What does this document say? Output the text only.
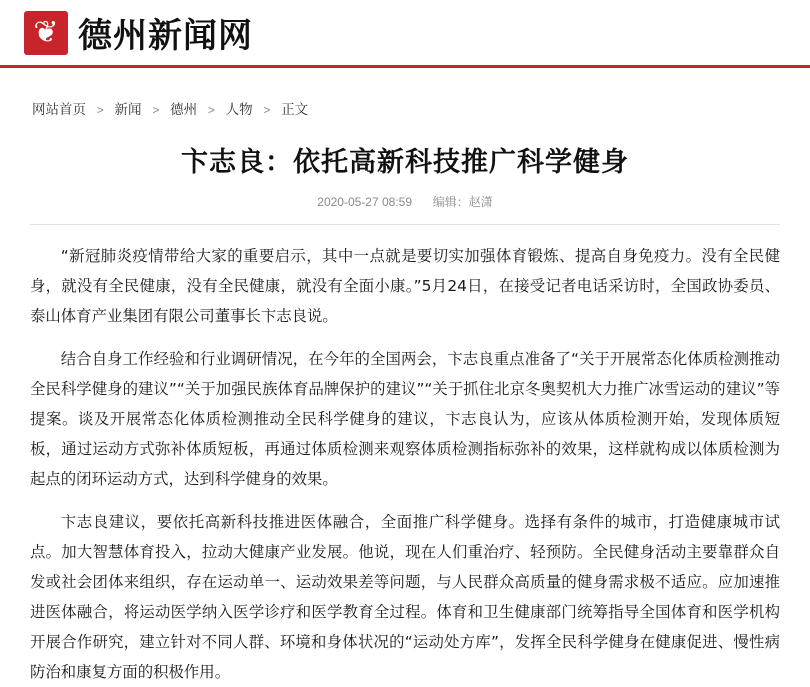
❦ 德州新闻网
网站首页 > 新闻 > 德州 > 人物 > 正文
卞志良：依托高新科技推广科学健身
2020-05-27 08:59 编辑：赵潇

“新冠肺炎疫情带给大家的重要启示，其中一点就是要切实加强体育锻炼、提高自身免疫力。没有全民健身，就没有全民健康，没有全民健康，就没有全面小康。”5月24日，在接受记者电话采访时，全国政协委员、泰山体育产业集团有限公司董事长卞志良说。

结合自身工作经验和行业调研情况，在今年的全国两会，卞志良重点准备了“关于开展常态化体质检测推动全民科学健身的建议”“关于加强民族体育品牌保护的建议”“关于抓住北京冬奥契机大力推广冰雪运动的建议”等提案。谈及开展常态化体质检测推动全民科学健身的建议，卞志良认为，应该从体质检测开始，发现体质短板，通过运动方式弥补体质短板，再通过体质检测来观察体质检测指标弥补的效果，这样就构成以体质检测为起点的闭环运动方式，达到科学健身的效果。

卞志良建议，要依托高新科技推进医体融合，全面推广科学健身。选择有条件的城市，打造健康城市试点。加大智慧体育投入，拉动大健康产业发展。他说，现在人们重治疗、轻预防。全民健身活动主要靠群众自发或社会团体来组织，存在运动单一、运动效果差等问题，与人民群众高质量的健身需求极不适应。应加速推进医体融合，将运动医学纳入医学诊疗和医学教育全过程。体育和卫生健康部门统筹指导全国体育和医学机构开展合作研究，建立针对不同人群、环境和身体状况的“运动处方库”，发挥全民科学健身在健康促进、慢性病防治和康复方面的积极作用。
